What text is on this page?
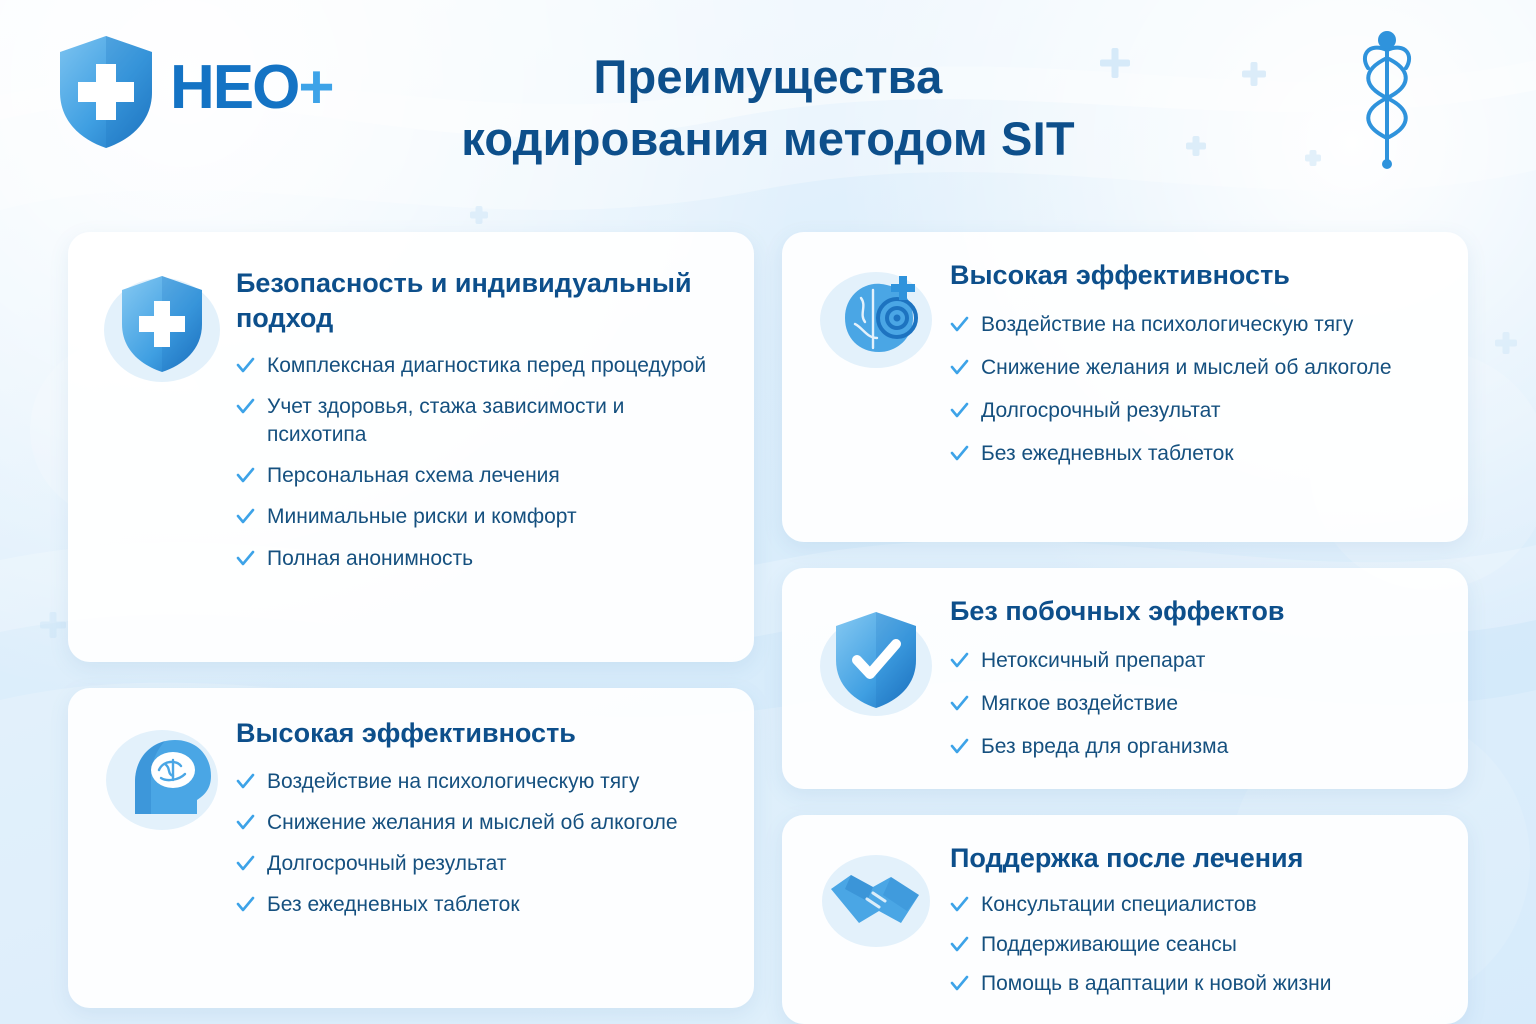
HEO+	Преимущества
кодирования методом SIT
Безопасность и индивидуальный подход
Комплексная диагностика перед процедурой
Учет здоровья, стажа зависимости и психотипа
Персональная схема лечения
Минимальные риски и комфорт
Полная анонимность
Высокая эффективность
Воздействие на психологическую тягу
Снижение желания и мыслей об алкоголе
Долгосрочный результат
Без ежедневных таблеток
Высокая эффективность
Воздействие на психологическую тягу
Снижение желания и мыслей об алкоголе
Долгосрочный результат
Без ежедневных таблеток
Без побочных эффектов
Нетоксичный препарат
Мягкое воздействие
Без вреда для организма
Поддержка после лечения
Консультации специалистов
Поддерживающие сеансы
Помощь в адаптации к новой жизни
